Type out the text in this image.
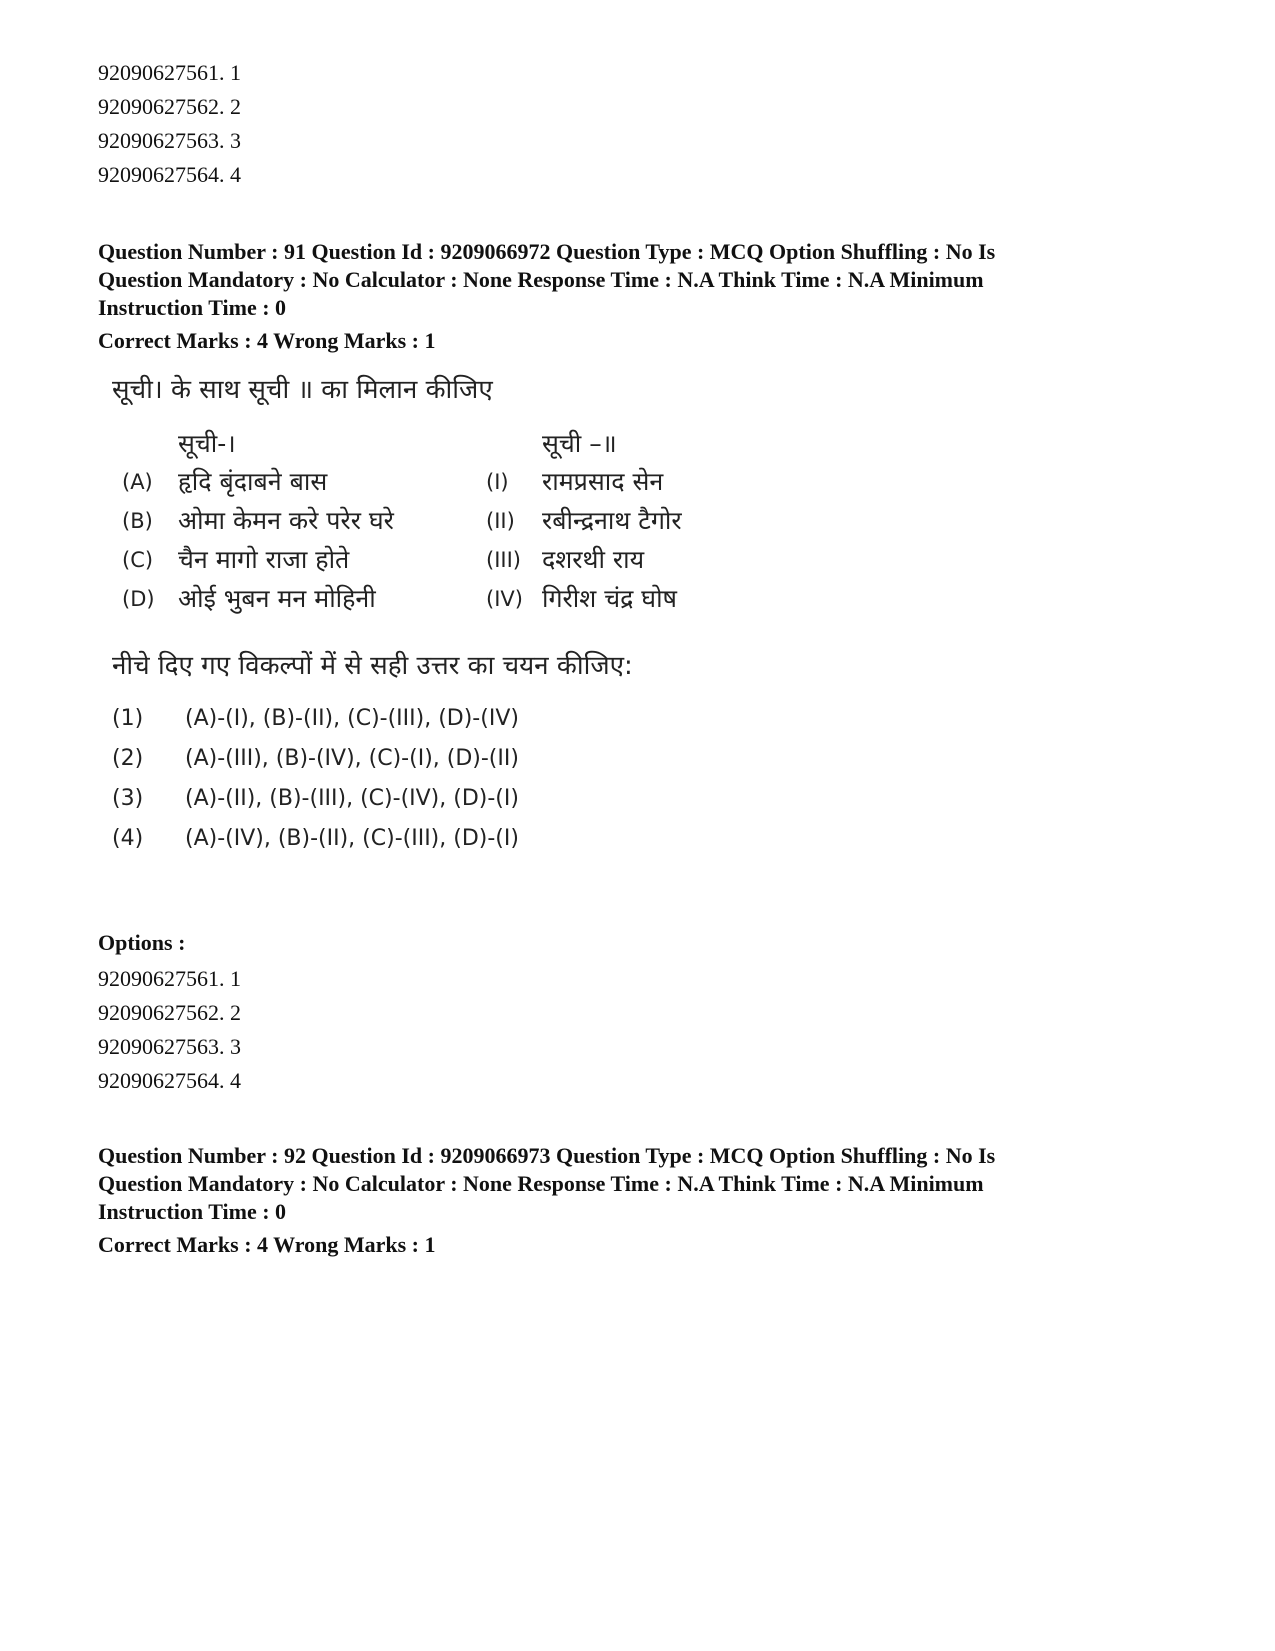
92090627561. 1
92090627562. 2
92090627563. 3
92090627564. 4
Question Number : 91 Question Id : 9209066972 Question Type : MCQ Option Shuffling : No Is
Question Mandatory : No Calculator : None Response Time : N.A Think Time : N.A Minimum
Instruction Time : 0
Correct Marks : 4 Wrong Marks : 1
सूची। के साथ सूची ॥ का मिलान कीजिए
सूची-।	सूची –॥
(A) हृदि बृंदाबने बास
(B) ओमा केमन करे परेर घरे
(C) चैन मागो राजा होते
(D) ओई भुबन मन मोहिनी
(I) रामप्रसाद सेन
(II) रबीन्द्रनाथ टैगोर
(III) दशरथी राय
(IV) गिरीश चंद्र घोष
नीचे दिए गए विकल्पों में से सही उत्तर का चयन कीजिए:
(1) (A)-(I), (B)-(II), (C)-(III), (D)-(IV)
(2) (A)-(III), (B)-(IV), (C)-(I), (D)-(II)
(3) (A)-(II), (B)-(III), (C)-(IV), (D)-(I)
(4) (A)-(IV), (B)-(II), (C)-(III), (D)-(I)
Options :
92090627561. 1
92090627562. 2
92090627563. 3
92090627564. 4
Question Number : 92 Question Id : 9209066973 Question Type : MCQ Option Shuffling : No Is
Question Mandatory : No Calculator : None Response Time : N.A Think Time : N.A Minimum
Instruction Time : 0
Correct Marks : 4 Wrong Marks : 1
